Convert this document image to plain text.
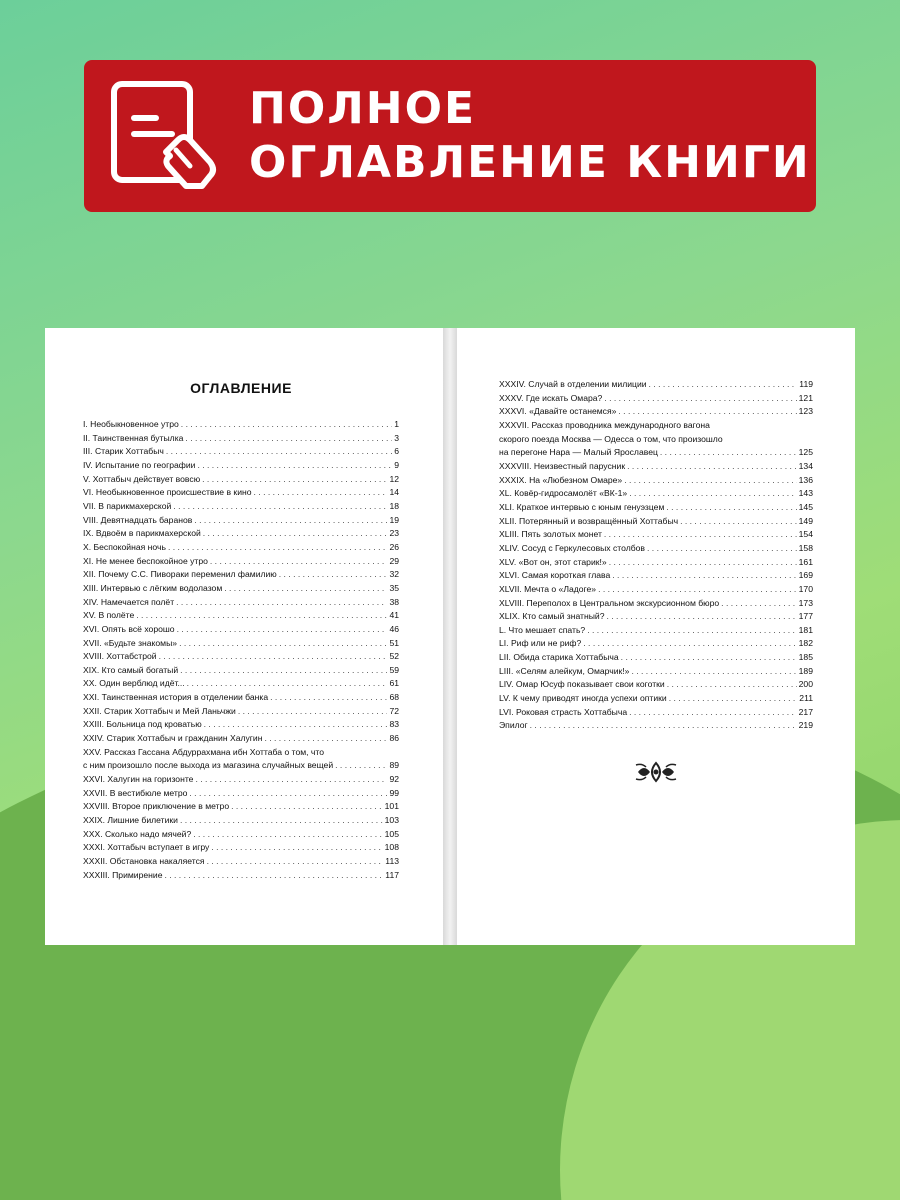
ПОЛНОЕ
ОГЛАВЛЕНИЕ КНИГИ
ОГЛАВЛЕНИЕ
I. Необыкновенное утро . . .	1
II. Таинственная бутылка . . .	3
III. Старик Хоттабыч . . .	6
IV. Испытание по географии . . .	9
V. Хоттабыч действует вовсю . . .	12
VI. Необыкновенное происшествие в кино . . .	14
VII. В парикмахерской . . .	18
VIII. Девятнадцать баранов . . .	19
IX. Вдвоём в парикмахерской . . .	23
X. Беспокойная ночь . . .	26
XI. Не менее беспокойное утро . . .	29
XII. Почему С.С. Пивораки переменил фамилию . . .	32
XIII. Интервью с лёгким водолазом . . .	35
XIV. Намечается полёт . . .	38
XV. В полёте . . .	41
XVI. Опять всё хорошо . . .	46
XVII. «Будьте знакомы» . . .	51
XVIII. Хоттабстрой . . .	52
XIX. Кто самый богатый . . .	59
XX. Один верблюд идёт... . . .	61
XXI. Таинственная история в отделении банка . . .	68
XXII. Старик Хоттабыч и Мей Ланьчжи . . .	72
XXIII. Больница под кроватью . . .	83
XXIV. Старик Хоттабыч и гражданин Халугин . . .	86
XXV. Рассказ Гассана Абдуррахмана ибн Хоттаба о том, что
с ним произошло после выхода из магазина случайных вещей . . .	89
XXVI. Халугин на горизонте . . .	92
XXVII. В вестибюле метро . . .	99
XXVIII. Второе приключение в метро . . .	101
XXIX. Лишние билетики . . .	103
XXX. Сколько надо мячей? . . .	105
XXXI. Хоттабыч вступает в игру . . .	108
XXXII. Обстановка накаляется . . .	113
XXXIII. Примирение . . .	117
XXXIV. Случай в отделении милиции . . .	119
XXXV. Где искать Омара? . . .	121
XXXVI. «Давайте останемся» . . .	123
XXXVII. Рассказ проводника международного вагона
скорого поезда Москва — Одесса о том, что произошло
на перегоне Нара — Малый Ярославец . . .	125
XXXVIII. Неизвестный парусник . . .	134
XXXIX. На «Любезном Омаре» . . .	136
XL. Ковёр-гидросамолёт «ВК-1» . . .	143
XLI. Краткое интервью с юным генуэзцем . . .	145
XLII. Потерянный и возвращённый Хоттабыч . . .	149
XLIII. Пять золотых монет . . .	154
XLIV. Сосуд с Геркулесовых столбов . . .	158
XLV. «Вот он, этот старик!» . . .	161
XLVI. Самая короткая глава . . .	169
XLVII. Мечта о «Ладоге» . . .	170
XLVIII. Переполох в Центральном экскурсионном бюро . . .	173
XLIX. Кто самый знатный? . . .	177
L. Что мешает спать? . . .	181
LI. Риф или не риф? . . .	182
LII. Обида старика Хоттабыча . . .	185
LIII. «Селям алейкум, Омарчик!» . . .	189
LIV. Омар Юсуф показывает свои коготки . . .	200
LV. К чему приводят иногда успехи оптики . . .	211
LVI. Роковая страсть Хоттабыча . . .	217
Эпилог . . .	219
